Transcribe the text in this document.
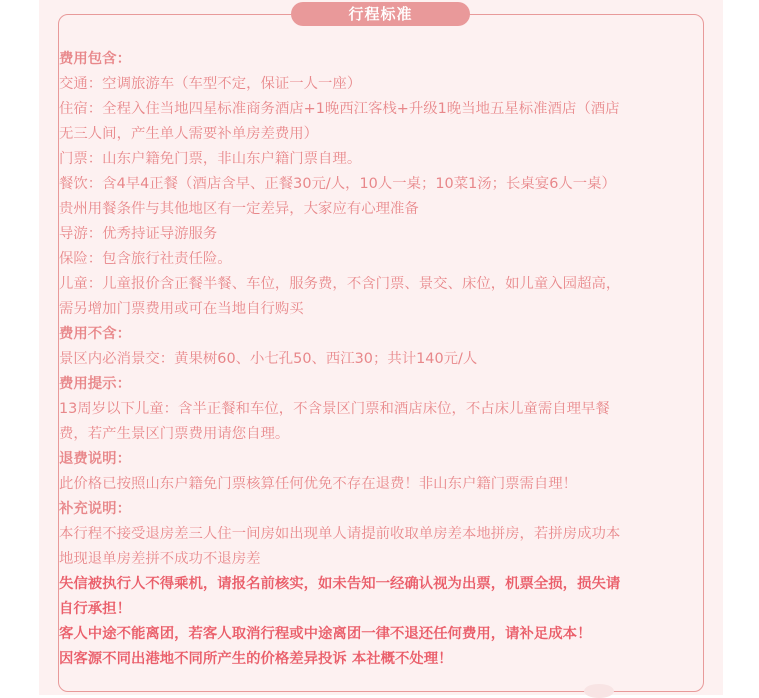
行程标准
费用包含：
交通：空调旅游车（车型不定，保证一人一座）
住宿：全程入住当地四星标准商务酒店+1晚西江客栈+升级1晚当地五星标准酒店（酒店
无三人间，产生单人需要补单房差费用）
门票：山东户籍免门票，非山东户籍门票自理。
餐饮：含4早4正餐（酒店含早、正餐30元/人，10人一桌；10菜1汤；长桌宴6人一桌）
贵州用餐条件与其他地区有一定差异，大家应有心理准备
导游：优秀持证导游服务
保险：包含旅行社责任险。
儿童：儿童报价含正餐半餐、车位，服务费，不含门票、景交、床位，如儿童入园超高，
需另增加门票费用或可在当地自行购买
费用不含：
景区内必消景交：黄果树60、小七孔50、西江30；共计140元/人
费用提示：
13周岁以下儿童：含半正餐和车位，不含景区门票和酒店床位，不占床儿童需自理早餐
费，若产生景区门票费用请您自理。
退费说明：
此价格已按照山东户籍免门票核算任何优免不存在退费！非山东户籍门票需自理！
补充说明：
本行程不接受退房差三人住一间房如出现单人请提前收取单房差本地拼房，若拼房成功本
地现退单房差拼不成功不退房差
失信被执行人不得乘机，请报名前核实，如未告知一经确认视为出票，机票全损，损失请
自行承担！
客人中途不能离团，若客人取消行程或中途离团一律不退还任何费用，请补足成本！
因客源不同出港地不同所产生的价格差异投诉 本社概不处理！
